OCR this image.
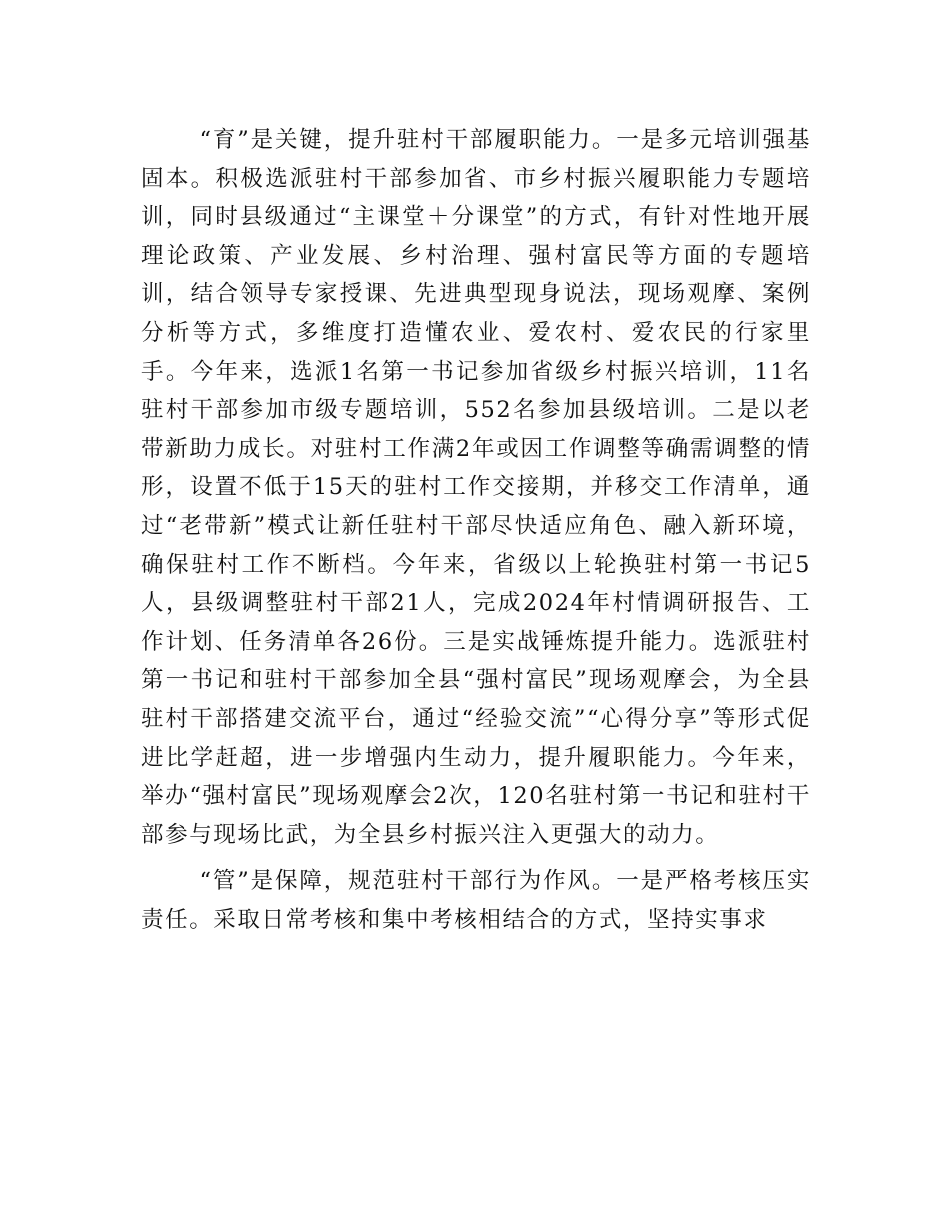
“育”是关键，提升驻村干部履职能力。一是多元培训强基固本。积极选派驻村干部参加省、市乡村振兴履职能力专题培训，同时县级通过“主课堂＋分课堂”的方式，有针对性地开展理论政策、产业发展、乡村治理、强村富民等方面的专题培训，结合领导专家授课、先进典型现身说法，现场观摩、案例分析等方式，多维度打造懂农业、爱农村、爱农民的行家里手。今年来，选派1名第一书记参加省级乡村振兴培训，11名驻村干部参加市级专题培训，552名参加县级培训。二是以老带新助力成长。对驻村工作满2年或因工作调整等确需调整的情形，设置不低于15天的驻村工作交接期，并移交工作清单，通过“老带新”模式让新任驻村干部尽快适应角色、融入新环境，确保驻村工作不断档。今年来，省级以上轮换驻村第一书记5人，县级调整驻村干部21人，完成2024年村情调研报告、工作计划、任务清单各26份。三是实战锤炼提升能力。选派驻村第一书记和驻村干部参加全县“强村富民”现场观摩会，为全县驻村干部搭建交流平台，通过“经验交流”“心得分享”等形式促进比学赶超，进一步增强内生动力，提升履职能力。今年来，举办“强村富民”现场观摩会2次，120名驻村第一书记和驻村干部参与现场比武，为全县乡村振兴注入更强大的动力。

“管”是保障，规范驻村干部行为作风。一是严格考核压实责任。采取日常考核和集中考核相结合的方式，坚持实事求
